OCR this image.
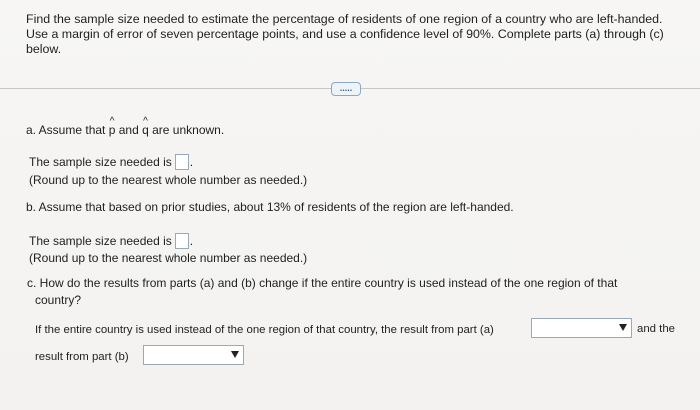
Find the sample size needed to estimate the percentage of residents of one region of a country who are left-handed.
Use a margin of error of seven percentage points, and use a confidence level of 90%. Complete parts (a) through (c)
below.
.....
a. Assume that ^ p and ^ q are unknown.
The sample size needed is .
(Round up to the nearest whole number as needed.)
b. Assume that based on prior studies, about 13% of residents of the region are left-handed.
The sample size needed is .
(Round up to the nearest whole number as needed.)
c. How do the results from parts (a) and (b) change if the entire country is used instead of the one region of that
country?
If the entire country is used instead of the one region of that country, the result from part (a)	and the
result from part (b)
